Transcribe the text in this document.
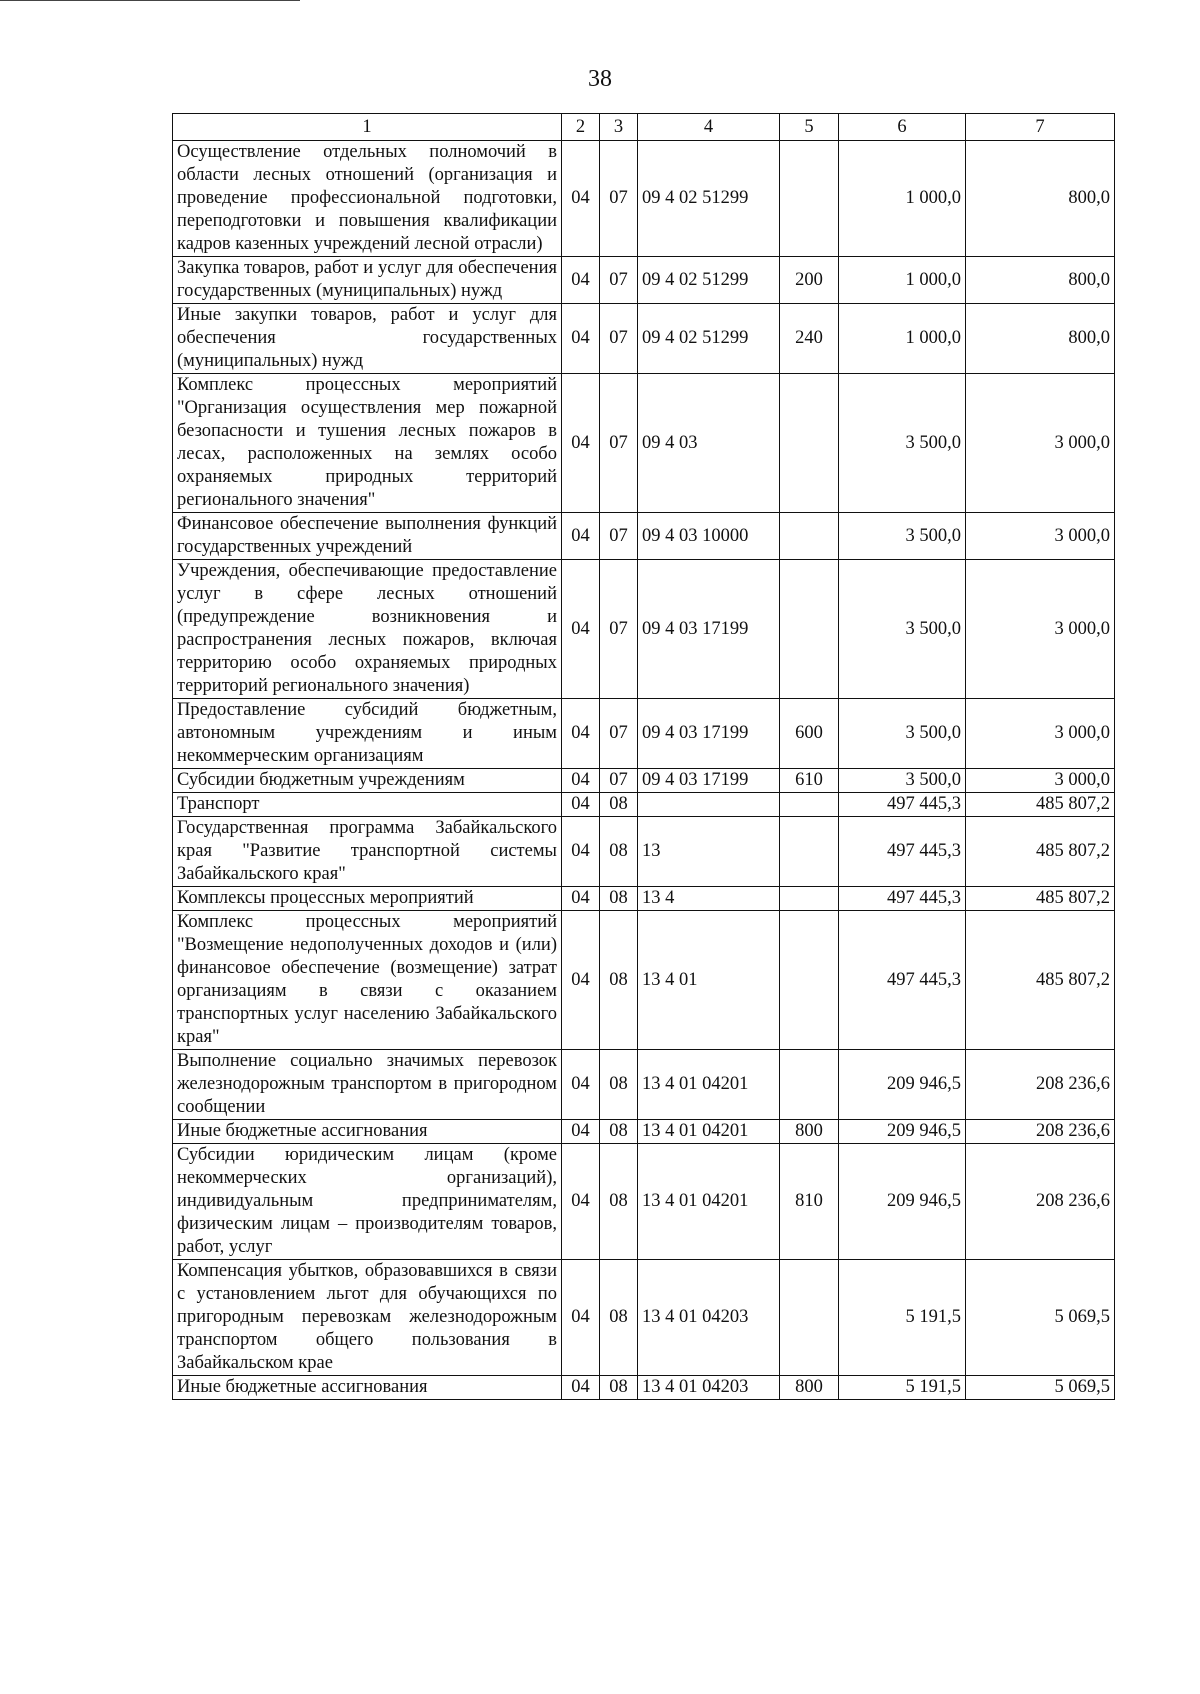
38
1	2	3	4	5	6	7
Осуществление отдельных полномочий в области лесных отношений (организация и проведение профессиональной подготовки, переподготовки и повышения квалификации кадров казенных учреждений лесной отрасли)	04	07	09 4 02 51299		1 000,0	800,0
Закупка товаров, работ и услуг для обеспечения государственных (муниципальных) нужд	04	07	09 4 02 51299	200	1 000,0	800,0
Иные закупки товаров, работ и услуг для обеспечения государственных (муниципальных) нужд	04	07	09 4 02 51299	240	1 000,0	800,0
Комплекс процессных мероприятий "Организация осуществления мер пожарной безопасности и тушения лесных пожаров в лесах, расположенных на землях особо охраняемых природных территорий регионального значения"	04	07	09 4 03		3 500,0	3 000,0
Финансовое обеспечение выполнения функций государственных учреждений	04	07	09 4 03 10000		3 500,0	3 000,0
Учреждения, обеспечивающие предоставление услуг в сфере лесных отношений (предупреждение возникновения и распространения лесных пожаров, включая территорию особо охраняемых природных территорий регионального значения)	04	07	09 4 03 17199		3 500,0	3 000,0
Предоставление субсидий бюджетным, автономным учреждениям и иным некоммерческим организациям	04	07	09 4 03 17199	600	3 500,0	3 000,0
Субсидии бюджетным учреждениям	04	07	09 4 03 17199	610	3 500,0	3 000,0
Транспорт	04	08			497 445,3	485 807,2
Государственная программа Забайкальского края "Развитие транспортной системы Забайкальского края"	04	08	13		497 445,3	485 807,2
Комплексы процессных мероприятий	04	08	13 4		497 445,3	485 807,2
Комплекс процессных мероприятий "Возмещение недополученных доходов и (или) финансовое обеспечение (возмещение) затрат организациям в связи с оказанием транспортных услуг населению Забайкальского края"	04	08	13 4 01		497 445,3	485 807,2
Выполнение социально значимых перевозок железнодорожным транспортом в пригородном сообщении	04	08	13 4 01 04201		209 946,5	208 236,6
Иные бюджетные ассигнования	04	08	13 4 01 04201	800	209 946,5	208 236,6
Субсидии юридическим лицам (кроме некоммерческих организаций), индивидуальным предпринимателям, физическим лицам – производителям товаров, работ, услуг	04	08	13 4 01 04201	810	209 946,5	208 236,6
Компенсация убытков, образовавшихся в связи с установлением льгот для обучающихся по пригородным перевозкам железнодорожным транспортом общего пользования в Забайкальском крае	04	08	13 4 01 04203		5 191,5	5 069,5
Иные бюджетные ассигнования	04	08	13 4 01 04203	800	5 191,5	5 069,5
